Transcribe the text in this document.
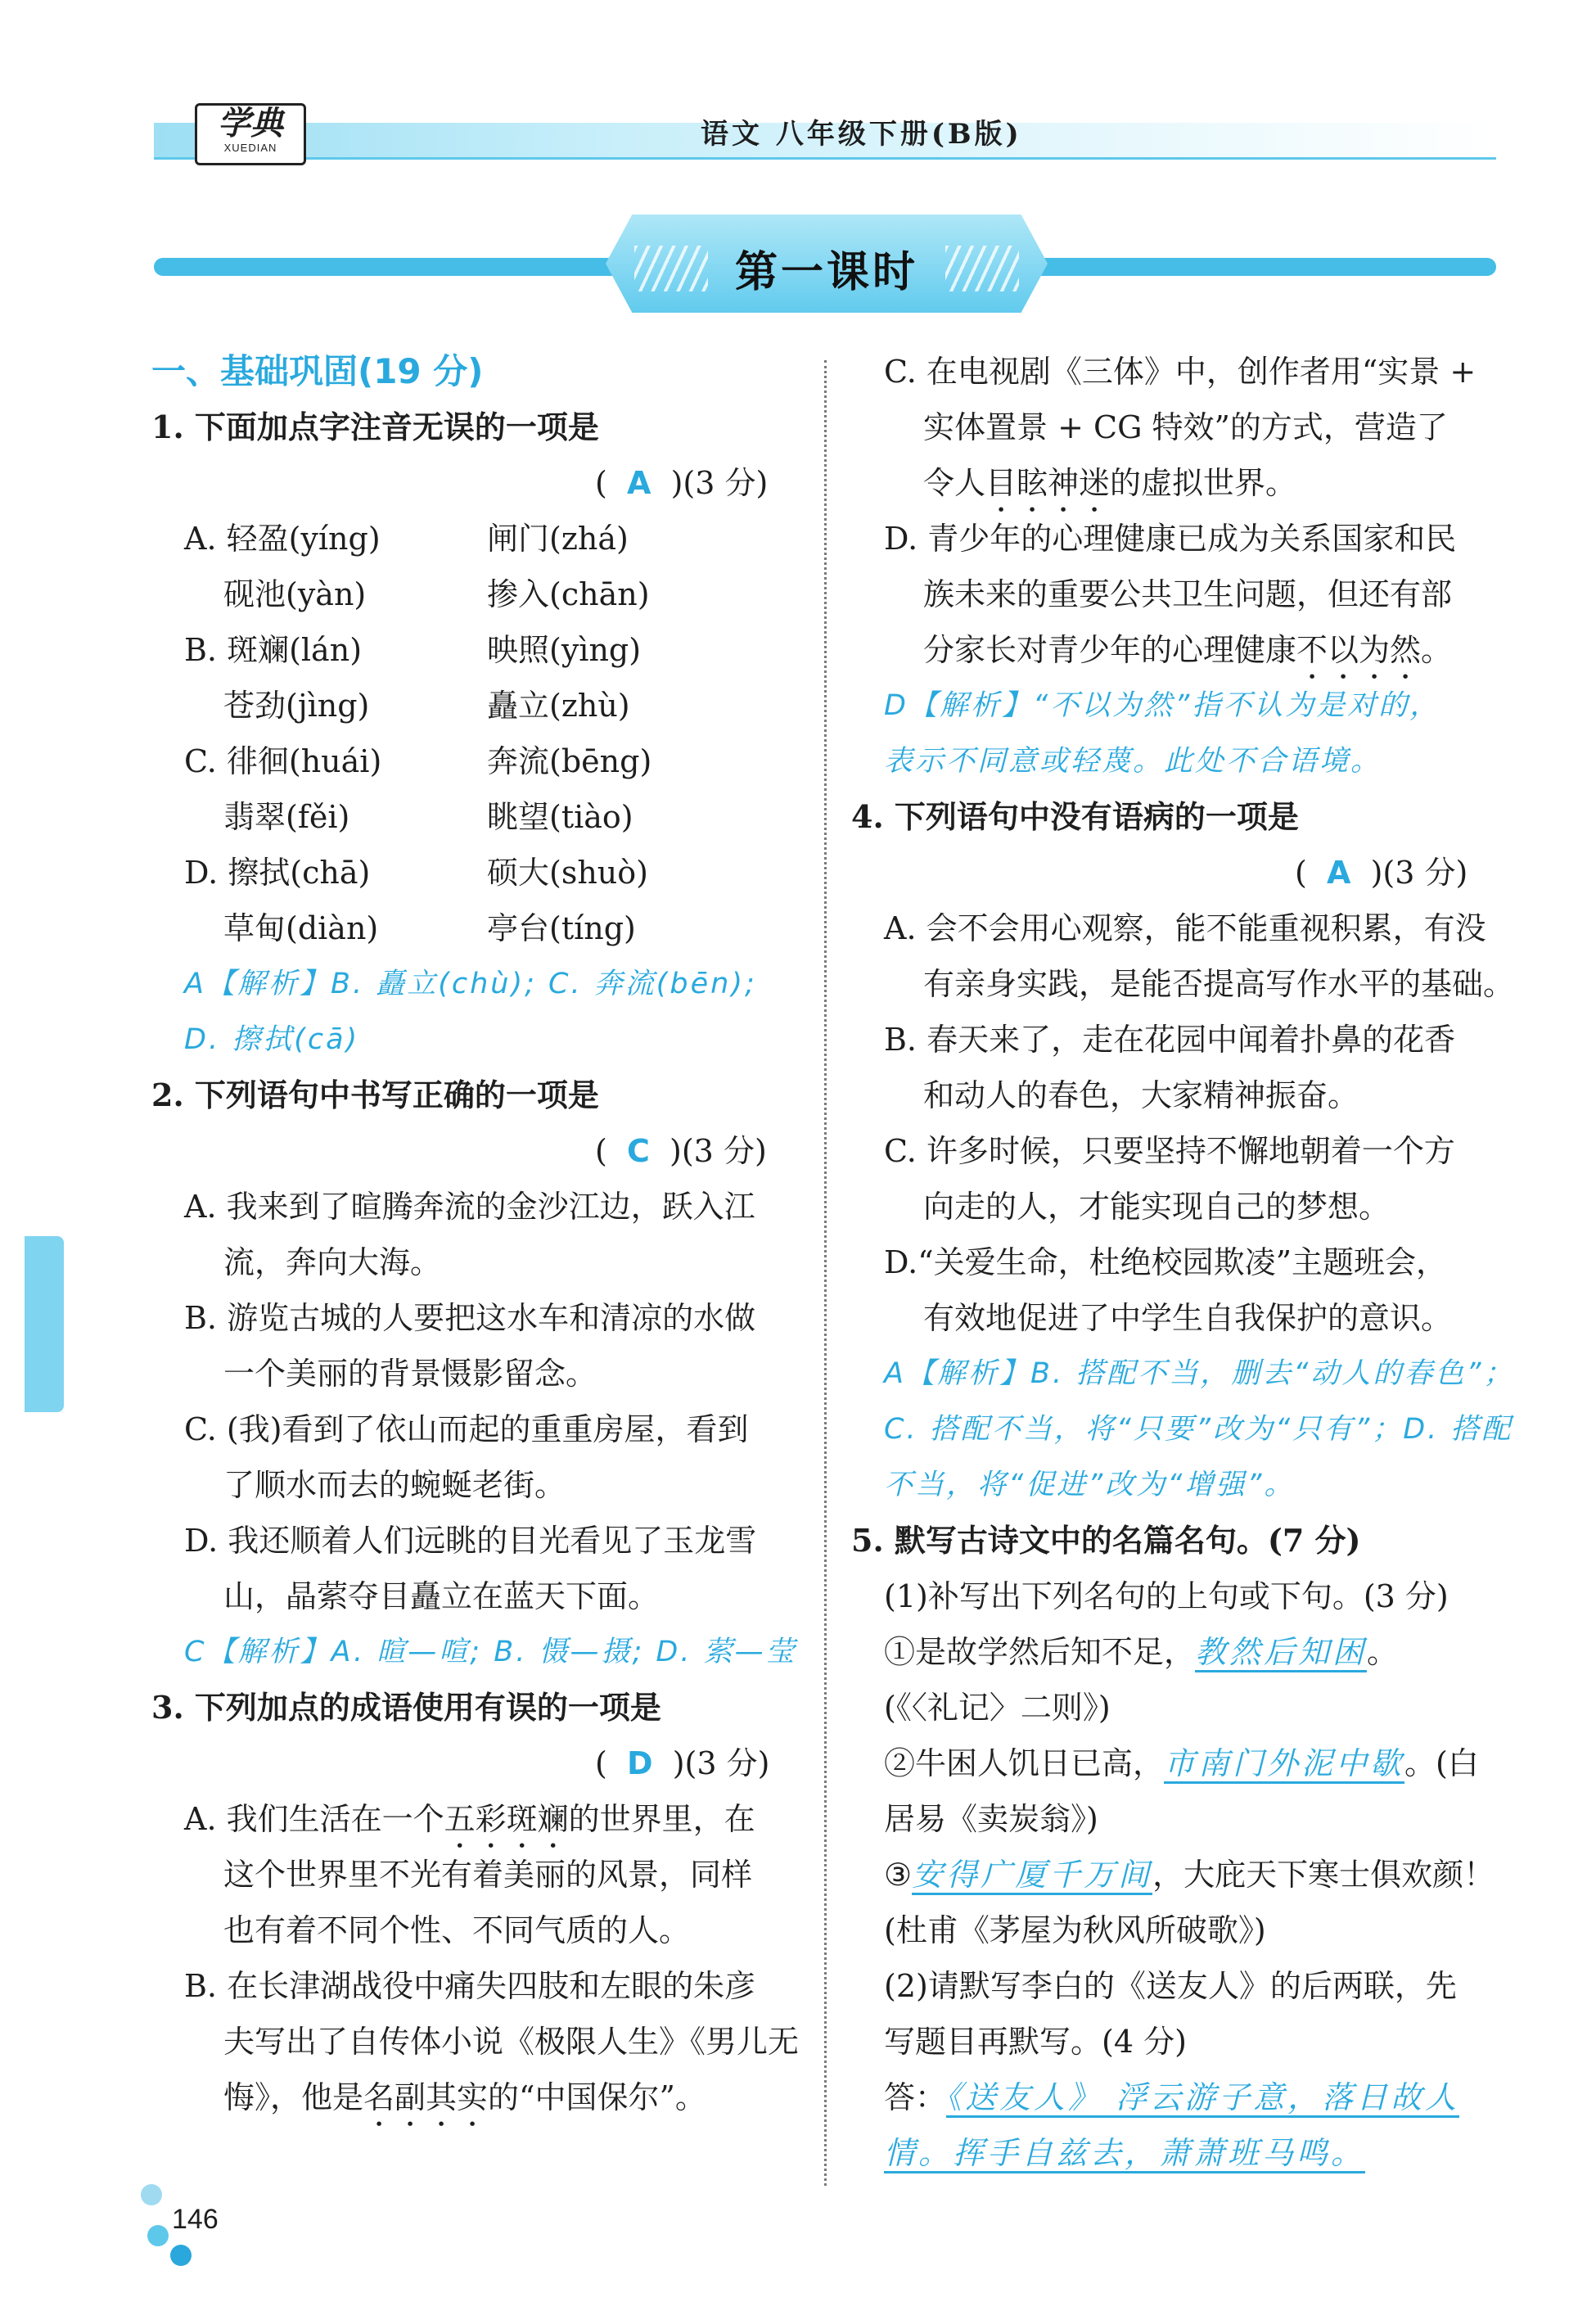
学典
XUEDIAN	语文 八年级下册(B版)
第一课时
一、基础巩固(19 分)
1. 下面加点字注音无误的一项是
(  A  )(3 分)
A. 轻盈(yíng)	闸门(zhá)
砚池(yàn)	掺入(chān)
B. 斑斓(lán)	映照(yìng)
苍劲(jìng)	矗立(zhù)
C. 徘徊(huái)	奔流(bēng)
翡翠(fěi)	眺望(tiào)
D. 擦拭(chā)	硕大(shuò)
草甸(diàn)	亭台(tíng)
A【解析】B. 矗立(chù); C. 奔流(bēn);
D. 擦拭(cā)
2. 下列语句中书写正确的一项是
(  C  )(3 分)
A. 我来到了暄腾奔流的金沙江边，跃入江
流，奔向大海。
B. 游览古城的人要把这水车和清凉的水做
一个美丽的背景慑影留念。
C. (我)看到了依山而起的重重房屋，看到
了顺水而去的蜿蜒老街。
D. 我还顺着人们远眺的目光看见了玉龙雪
山，晶萦夺目矗立在蓝天下面。
C【解析】A. 暄—喧; B. 慑—摄; D. 萦—莹
3. 下列加点的成语使用有误的一项是
(  D  )(3 分)
A. 我们生活在一个五彩斑斓的世界里，在
这个世界里不光有着美丽的风景，同样
也有着不同个性、不同气质的人。
B. 在长津湖战役中痛失四肢和左眼的朱彦
夫写出了自传体小说《极限人生》《男儿无
悔》，他是名副其实的“中国保尔”。
C. 在电视剧《三体》中，创作者用“实景 +
实体置景 + CG 特效”的方式，营造了
令人目眩神迷的虚拟世界。
D. 青少年的心理健康已成为关系国家和民
族未来的重要公共卫生问题，但还有部
分家长对青少年的心理健康不以为然。
D【解析】“不以为然”指不认为是对的，
表示不同意或轻蔑。此处不合语境。
4. 下列语句中没有语病的一项是
(  A  )(3 分)
A. 会不会用心观察，能不能重视积累，有没
有亲身实践，是能否提高写作水平的基础。
B. 春天来了，走在花园中闻着扑鼻的花香
和动人的春色，大家精神振奋。
C. 许多时候，只要坚持不懈地朝着一个方
向走的人，才能实现自己的梦想。
D.“关爱生命，杜绝校园欺凌”主题班会，
有效地促进了中学生自我保护的意识。
A【解析】B. 搭配不当，删去“动人的春色”；
C. 搭配不当，将“只要”改为“只有”；D. 搭配
不当，将“促进”改为“增强”。
5. 默写古诗文中的名篇名句。(7 分)
(1)补写出下列名句的上句或下句。(3 分)
①是故学然后知不足，教然后知困。
(《〈礼记〉二则》)
②牛困人饥日已高，市南门外泥中歇。(白
居易《卖炭翁》)
③安得广厦千万间，大庇天下寒士俱欢颜！
(杜甫《茅屋为秋风所破歌》)
(2)请默写李白的《送友人》的后两联，先
写题目再默写。(4 分)
答：《送友人》 浮云游子意，落日故人
情。挥手自兹去，萧萧班马鸣。
146
